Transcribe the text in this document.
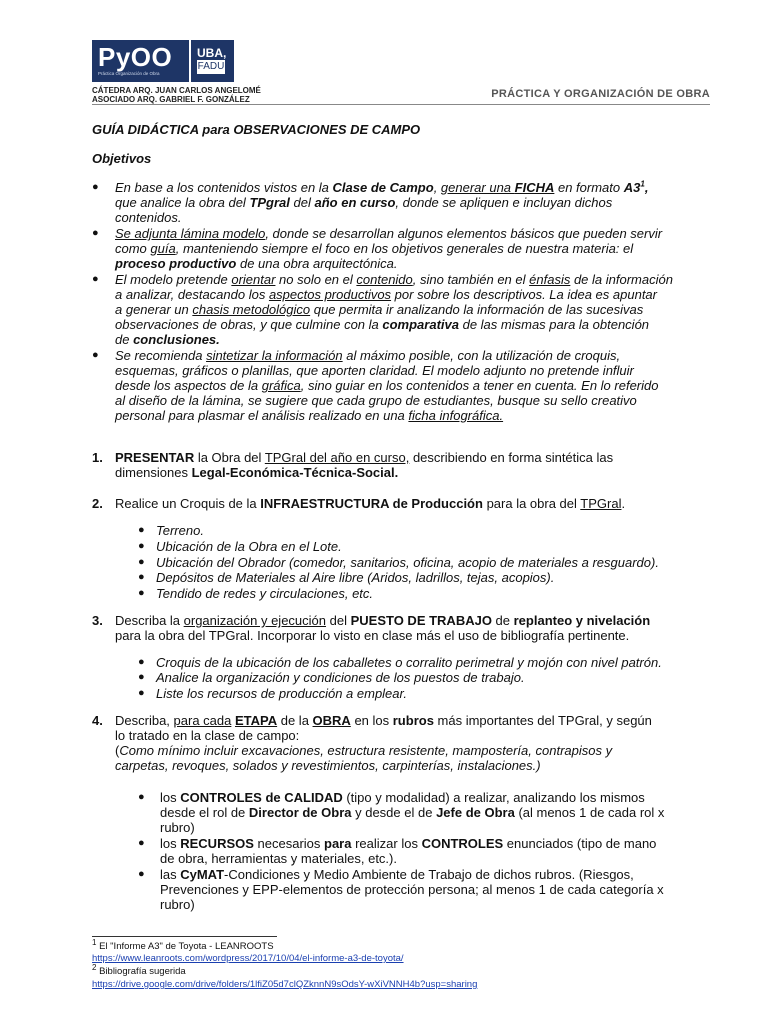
PyOO
Práctica Organización de Obra
UBA,
FADU
CÁTEDRA ARQ. JUAN CARLOS ANGELOMÉ
ASOCIADO ARQ. GABRIEL F. GONZÁLEZ	PRÁCTICA Y ORGANIZACIÓN DE OBRA
GUÍA DIDÁCTICA para OBSERVACIONES DE CAMPO
Objetivos
● En base a los contenidos vistos en la Clase de Campo, generar una FICHA en formato $A3^1$,
que analice la obra del TPgral del año en curso, donde se apliquen e incluyan dichos
contenidos.
● Se adjunta lámina modelo, donde se desarrollan algunos elementos básicos que pueden servir
como guía, manteniendo siempre el foco en los objetivos generales de nuestra materia: el
proceso productivo de una obra arquitectónica.
● El modelo pretende orientar no solo en el contenido, sino también en el énfasis de la información
a analizar, destacando los aspectos productivos por sobre los descriptivos. La idea es apuntar
a generar un chasis metodológico que permita ir analizando la información de las sucesivas
observaciones de obras, y que culmine con la comparativa de las mismas para la obtención
de conclusiones.
● Se recomienda sintetizar la información al máximo posible, con la utilización de croquis,
esquemas, gráficos o planillas, que aporten claridad. El modelo adjunto no pretende influir
desde los aspectos de la gráfica, sino guiar en los contenidos a tener en cuenta. En lo referido
al diseño de la lámina, se sugiere que cada grupo de estudiantes, busque su sello creativo
personal para plasmar el análisis realizado en una ficha infográfica.
1. PRESENTAR la Obra del TPGral del año en curso, describiendo en forma sintética las
dimensiones Legal-Económica-Técnica-Social.
2. Realice un Croquis de la INFRAESTRUCTURA de Producción para la obra del TPGral.
● Terreno.
● Ubicación de la Obra en el Lote.
● Ubicación del Obrador (comedor, sanitarios, oficina, acopio de materiales a resguardo).
● Depósitos de Materiales al Aire libre (Aridos, ladrillos, tejas, acopios).
● Tendido de redes y circulaciones, etc.
3. Describa la organización y ejecución del PUESTO DE TRABAJO de replanteo y nivelación
para la obra del TPGral. Incorporar lo visto en clase más el uso de bibliografía pertinente.
● Croquis de la ubicación de los caballetes o corralito perimetral y mojón con nivel patrón.
● Analice la organización y condiciones de los puestos de trabajo.
● Liste los recursos de producción a emplear.
4. Describa, para cada ETAPA de la OBRA en los rubros más importantes del TPGral, y según
lo tratado en la clase de campo:
(Como mínimo incluir excavaciones, estructura resistente, mampostería, contrapisos y
carpetas, revoques, solados y revestimientos, carpinterías, instalaciones.)
● los CONTROLES de CALIDAD (tipo y modalidad) a realizar, analizando los mismos
desde el rol de Director de Obra y desde el de Jefe de Obra (al menos 1 de cada rol x
rubro)
● los RECURSOS necesarios para realizar los CONTROLES enunciados (tipo de mano
de obra, herramientas y materiales, etc.).
● las CyMAT-Condiciones y Medio Ambiente de Trabajo de dichos rubros. (Riesgos,
Prevenciones y EPP-elementos de protección persona; al menos 1 de cada categoría x
rubro)
$^1$ El "Informe A3" de Toyota - LEANROOTS
https://www.leanroots.com/wordpress/2017/10/04/el-informe-a3-de-toyota/
$^2$ Bibliografía sugerida
https://drive.google.com/drive/folders/1lfiZ05d7clQZknnN9sOdsY-wXiVNNH4b?usp=sharing
